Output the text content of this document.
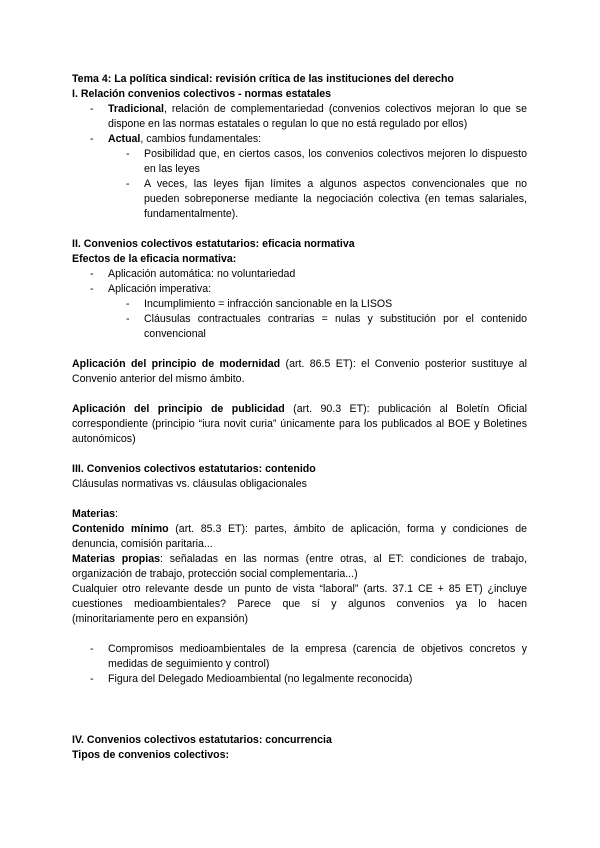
Tema 4: La política sindical: revisión crítica de las instituciones del derecho

I. Relación convenios colectivos - normas estatales

- Tradicional, relación de complementariedad (convenios colectivos mejoran lo que se dispone en las normas estatales o regulan lo que no está regulado por ellos)
- Actual, cambios fundamentales:
- Posibilidad que, en ciertos casos, los convenios colectivos mejoren lo dispuesto en las leyes
- A veces, las leyes fijan límites a algunos aspectos convencionales que no pueden sobreponerse mediante la negociación colectiva (en temas salariales, fundamentalmente).

II. Convenios colectivos estatutarios: eficacia normativa

Efectos de la eficacia normativa:

- Aplicación automática: no voluntariedad
- Aplicación imperativa:
- Incumplimiento = infracción sancionable en la LISOS
- Cláusulas contractuales contrarias = nulas y substitución por el contenido convencional

Aplicación del principio de modernidad (art. 86.5 ET): el Convenio posterior sustituye al Convenio anterior del mismo ámbito.

Aplicación del principio de publicidad (art. 90.3 ET): publicación al Boletín Oficial correspondiente (principio “iura novit curia” únicamente para los publicados al BOE y Boletines autonómicos)

III. Convenios colectivos estatutarios: contenido

Cláusulas normativas vs. cláusulas obligacionales

Materias:

Contenido mínimo (art. 85.3 ET): partes, ámbito de aplicación, forma y condiciones de denuncia, comisión paritaria...

Materias propias: señaladas en las normas (entre otras, al ET: condiciones de trabajo, organización de trabajo, protección social complementaria...)

Cualquier otro relevante desde un punto de vista “laboral” (arts. 37.1 CE + 85 ET) ¿incluye cuestiones medioambientales? Parece que sí y algunos convenios ya lo hacen (minoritariamente pero en expansión)

- Compromisos medioambientales de la empresa (carencia de objetivos concretos y medidas de seguimiento y control)
- Figura del Delegado Medioambiental (no legalmente reconocida)

IV. Convenios colectivos estatutarios: concurrencia

Tipos de convenios colectivos:
